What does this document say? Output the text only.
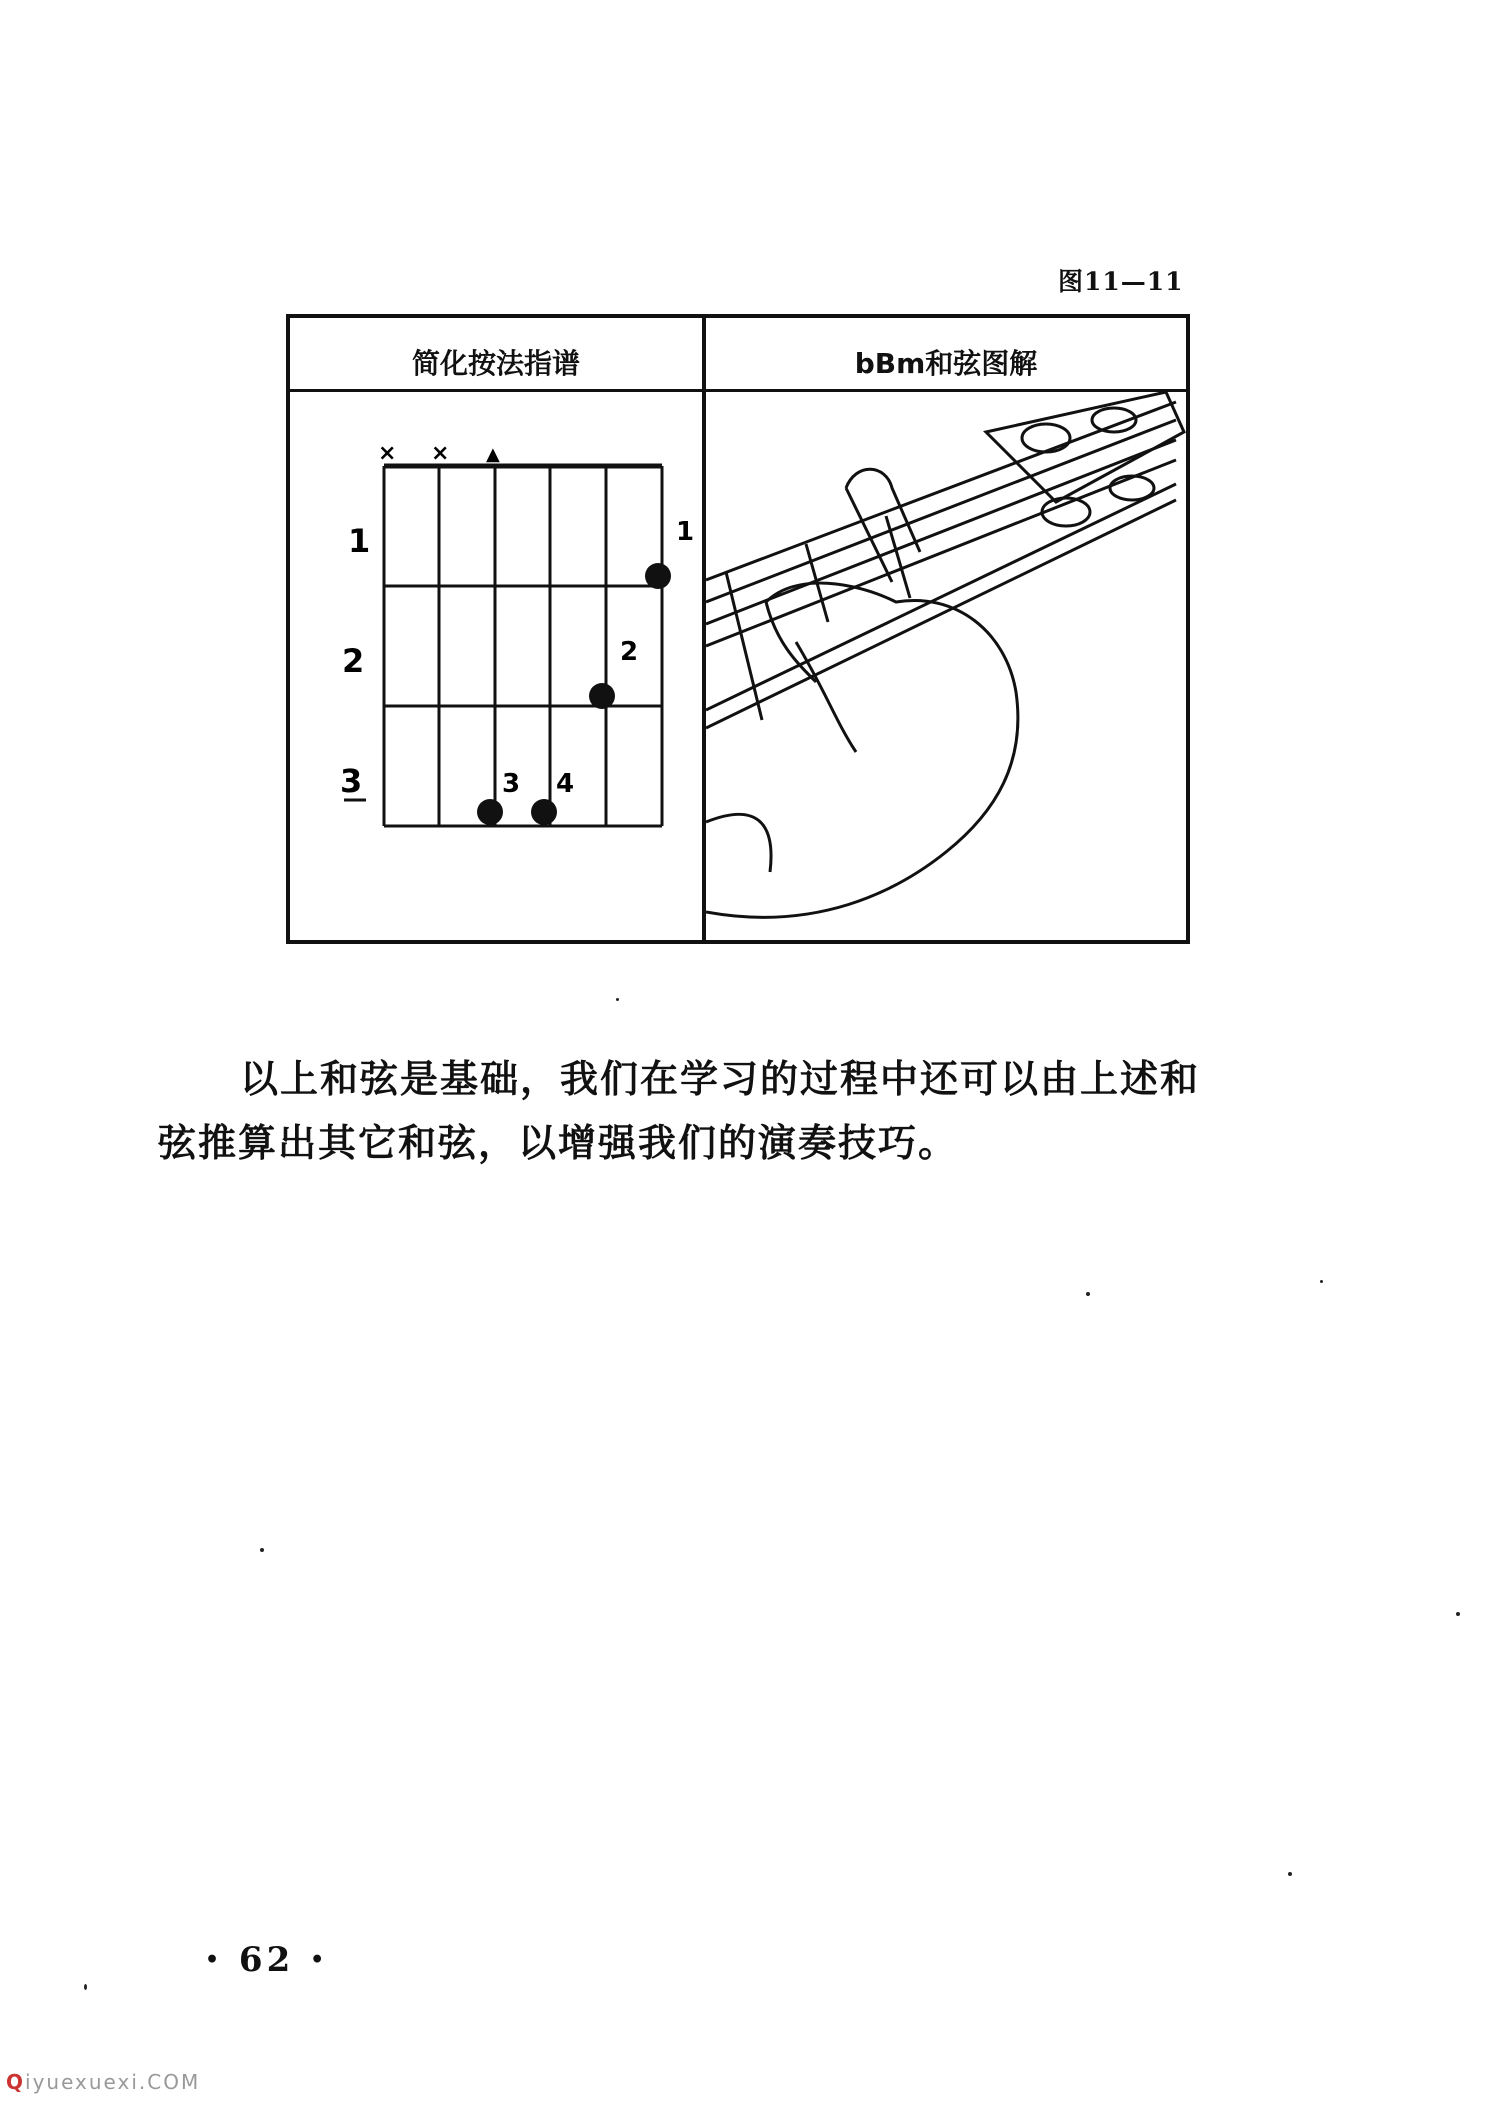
图11—11
简化按法指谱	bBm和弦图解
× × ▲
1
2
3
1
2
3 4
以上和弦是基础，我们在学习的过程中还可以由上述和
弦推算出其它和弦，以增强我们的演奏技巧。
• 62 •
Qiyuexuexi.COM
